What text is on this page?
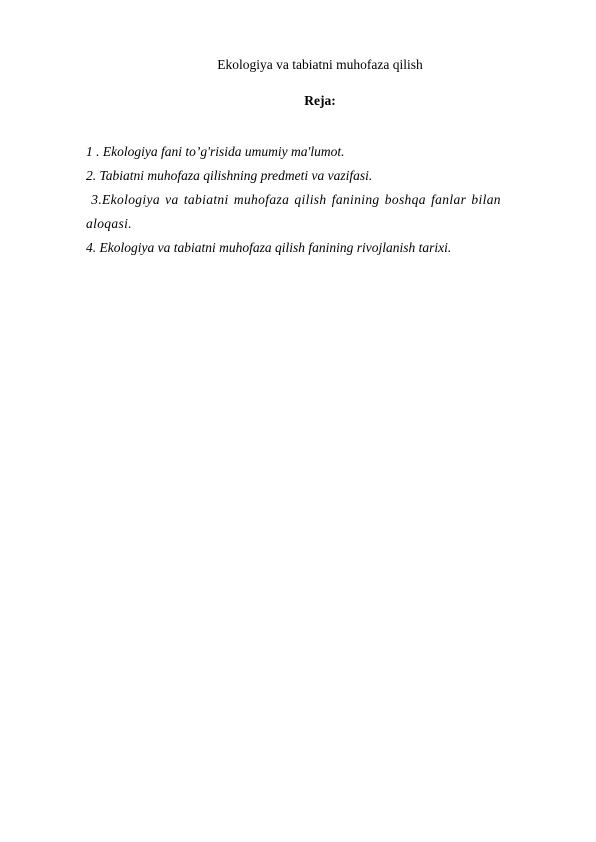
Ekologiya va tabiatni muhofaza qilish
Reja:
1 . Ekologiya fani to’g'risida umumiy ma'lumot.
2. Tabiatni muhofaza qilishning predmeti va vazifasi.
3.Ekologiya va tabiatni muhofaza qilish fanining boshqa fanlar bilan aloqasi.
4. Ekologiya va tabiatni muhofaza qilish fanining rivojlanish tarixi.
